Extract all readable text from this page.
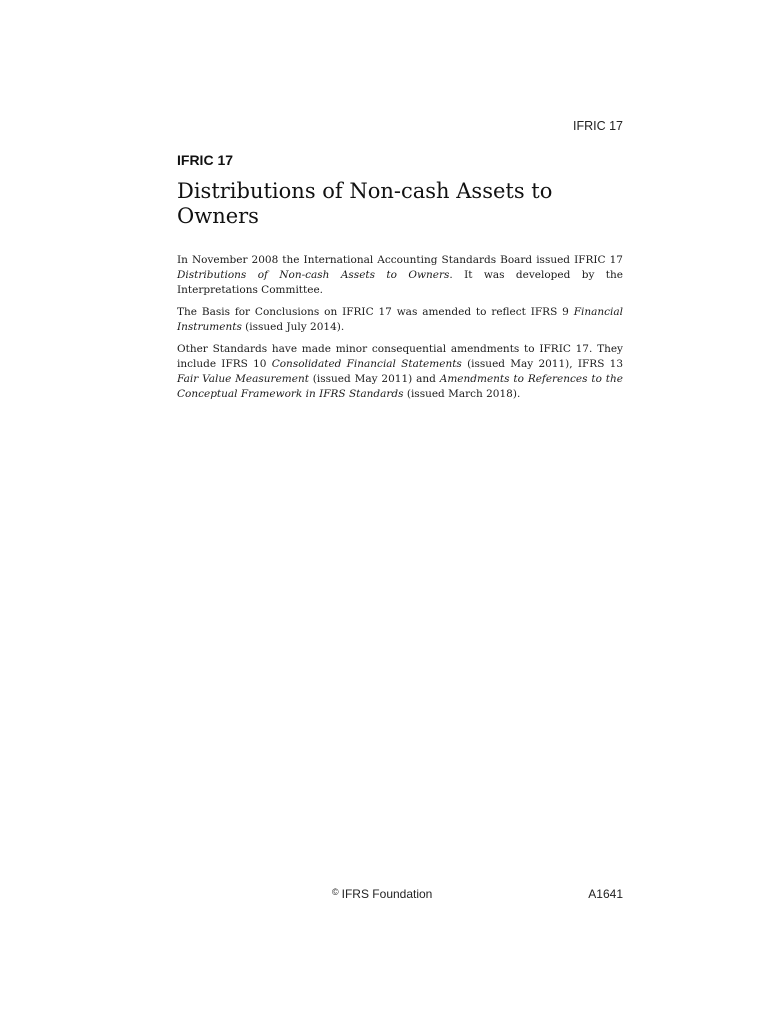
IFRIC 17
IFRIC 17
Distributions of Non-cash Assets to Owners

In November 2008 the International Accounting Standards Board issued IFRIC 17 Distributions of Non-cash Assets to Owners. It was developed by the Interpretations Committee.

The Basis for Conclusions on IFRIC 17 was amended to reflect IFRS 9 Financial Instruments (issued July 2014).

Other Standards have made minor consequential amendments to IFRIC 17. They include IFRS 10 Consolidated Financial Statements (issued May 2011), IFRS 13 Fair Value Measurement (issued May 2011) and Amendments to References to the Conceptual Framework in IFRS Standards (issued March 2018).

© IFRS Foundation	A1641
